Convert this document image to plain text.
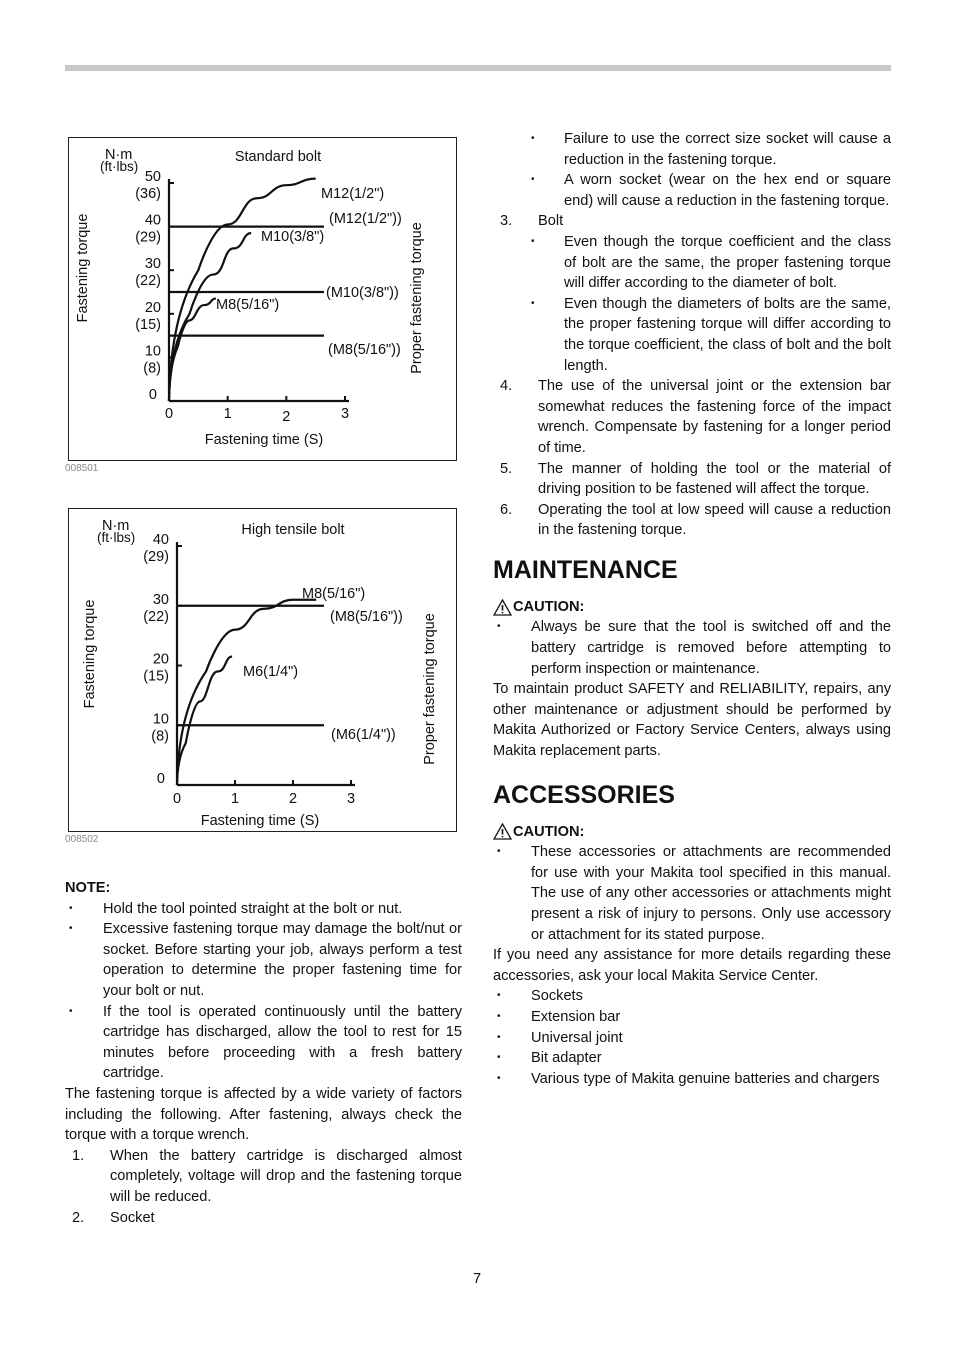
Standard bolt
N·m
(ft·lbs)
0
10
(8)
20
(15)
30
(22)
40
(29)
50
(36)
0	1	2	3
Fastening torque	Proper fastening torque
Fastening time (S)
M12(1/2")
(M12(1/2"))
M10(3/8")
(M10(3/8"))
M8(5/16")
(M8(5/16"))
008501
High tensile bolt
N·m
(ft·lbs)
0
10
(8)
20
(15)
30
(22)
40
(29)
0	1	2	3
Fastening torque	Proper fastening torque
Fastening time (S)
M8(5/16")
(M8(5/16"))
M6(1/4")
(M6(1/4"))
008502
NOTE:
• Hold the tool pointed straight at the bolt or nut.
• Excessive fastening torque may damage the bolt/nut or socket. Before starting your job, always perform a test operation to determine the proper fastening time for your bolt or nut.
• If the tool is operated continuously until the battery cartridge has discharged, allow the tool to rest for 15 minutes before proceeding with a fresh battery cartridge.
The fastening torque is affected by a wide variety of factors including the following. After fastening, always check the torque with a torque wrench.
1. When the battery cartridge is discharged almost completely, voltage will drop and the fastening torque will be reduced.
2. Socket
• Failure to use the correct size socket will cause a reduction in the fastening torque.
• A worn socket (wear on the hex end or square end) will cause a reduction in the fastening torque.
3. Bolt
• Even though the torque coefficient and the class of bolt are the same, the proper fastening torque will differ according to the diameter of bolt.
• Even though the diameters of bolts are the same, the proper fastening torque will differ according to the torque coefficient, the class of bolt and the bolt length.
4. The use of the universal joint or the extension bar somewhat reduces the fastening force of the impact wrench. Compensate by fastening for a longer period of time.
5. The manner of holding the tool or the material of driving position to be fastened will affect the torque.
6. Operating the tool at low speed will cause a reduction in the fastening torque.
MAINTENANCE
CAUTION:
• Always be sure that the tool is switched off and the battery cartridge is removed before attempting to perform inspection or maintenance.
To maintain product SAFETY and RELIABILITY, repairs, any other maintenance or adjustment should be performed by Makita Authorized or Factory Service Centers, always using Makita replacement parts.
ACCESSORIES
CAUTION:
• These accessories or attachments are recommended for use with your Makita tool specified in this manual. The use of any other accessories or attachments might present a risk of injury to persons. Only use accessory or attachment for its stated purpose.
If you need any assistance for more details regarding these accessories, ask your local Makita Service Center.
• Sockets
• Extension bar
• Universal joint
• Bit adapter
• Various type of Makita genuine batteries and chargers
7
